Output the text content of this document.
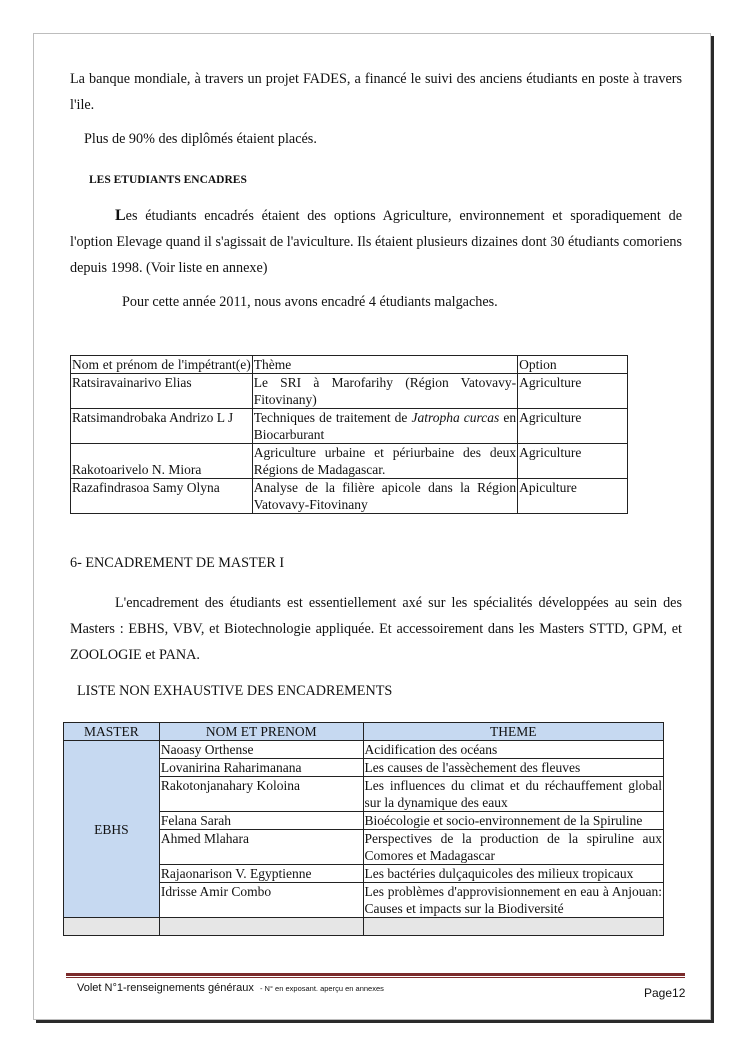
La banque mondiale, à travers un projet FADES, a financé le suivi des anciens étudiants en poste à travers l'ile.

Plus de 90% des diplômés étaient placés.

LES ETUDIANTS ENCADRES

Les étudiants encadrés étaient des options Agriculture, environnement et sporadiquement de l'option Elevage quand il s'agissait de l'aviculture. Ils étaient plusieurs dizaines dont 30 étudiants comoriens depuis 1998. (Voir liste en annexe)

Pour cette année 2011, nous avons encadré 4 étudiants malgaches.

Nom et prénom de l'impétrant(e)	Thème	Option
Ratsiravainarivo Elias	Le SRI à Marofarihy (Région Vatovavy-Fitovinany)	Agriculture
Ratsimandrobaka Andrizo L J	Techniques de traitement de Jatropha curcas en Biocarburant	Agriculture
Rakotoarivelo N. Miora	Agriculture urbaine et périurbaine des deux Régions de Madagascar.	Agriculture
Razafindrasoa Samy Olyna	Analyse de la filière apicole dans la Région Vatovavy-Fitovinany	Apiculture

6- ENCADREMENT DE MASTER I

L'encadrement des étudiants est essentiellement axé sur les spécialités développées au sein des Masters : EBHS, VBV, et Biotechnologie appliquée. Et accessoirement dans les Masters STTD, GPM, et ZOOLOGIE et PANA.

LISTE NON EXHAUSTIVE DES ENCADREMENTS

MASTER	NOM ET PRENOM	THEME
EBHS	Naoasy Orthense	Acidification des océans
	Lovanirina Raharimanana	Les causes de l'assèchement des fleuves
	Rakotonjanahary Koloina	Les influences du climat et du réchauffement global sur la dynamique des eaux
	Felana Sarah	Bioécologie et socio-environnement de la Spiruline
	Ahmed Mlahara	Perspectives de la production de la spiruline aux Comores et Madagascar
	Rajaonarison V. Egyptienne	Les bactéries dulçaquicoles des milieux tropicaux
	Idrisse Amir Combo	Les problèmes d'approvisionnement en eau à Anjouan: Causes et impacts sur la Biodiversité

Volet N°1-renseignements généraux - N° en exposant. aperçu en annexes	Page12
